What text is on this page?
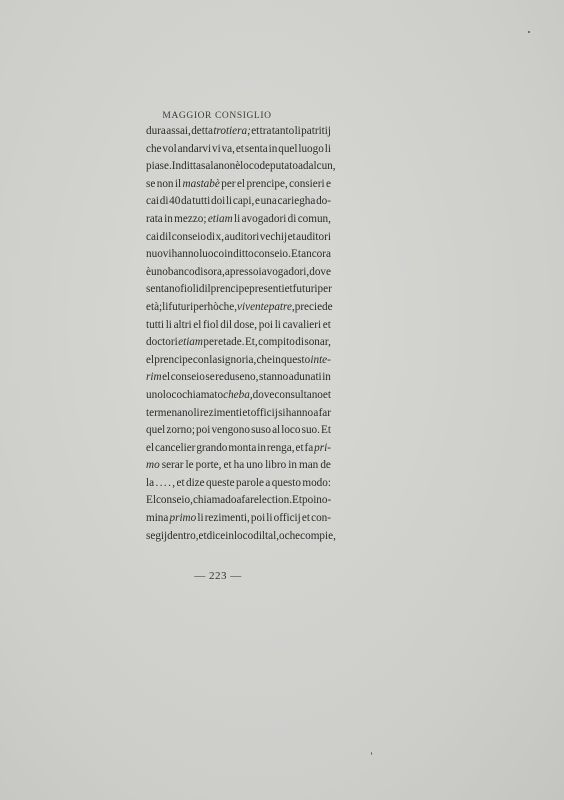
MAGGIOR CONSIGLIO
dura assai, detta trotiera; et tra tanto li patritij
che vol andarvi vi va, et senta in quel luogo li
piase. In ditta sala non è loco deputato ad alcun,
se non il mastabè per el prencipe, consieri e
cai di 40 da tutti doi li capi, e una carieghа do-
rata in mezzo; etiam li avogadori di comun,
cai dil conseio di x, auditori vechij et auditori
nuovi hanno luoco in ditto conseio. Et ancora
è uno banco di sora, a presso i avogadori, dove
sentano fioli dil prencipe presenti et futuri per
età; li futuri perhò che, vivente patre, preciede
tutti li altri el fiol dil dose, poi li cavalieri et
doctori etiam per etade. Et, compito di sonar,
el prencipe con la signoria, che in questo inte-
rim el conseio se reduseno, stanno adunati in
uno loco chiamato cheba, dove consultano et
termenano li rezimenti et officij si hanno a far
quel zorno; poi vengono suso al loco suo. Et
el cancelier grando monta in renga, et fa pri-
mo serar le porte, et ha uno libro in man de
la . . . . , et dize queste parole a questo modo:
El conseio, chiamado a far election. Et poi no-
mina primo li rezimenti, poi li officij et con-
segij dentro, et dice in loco dil tal, o che compie,
— 223 —
